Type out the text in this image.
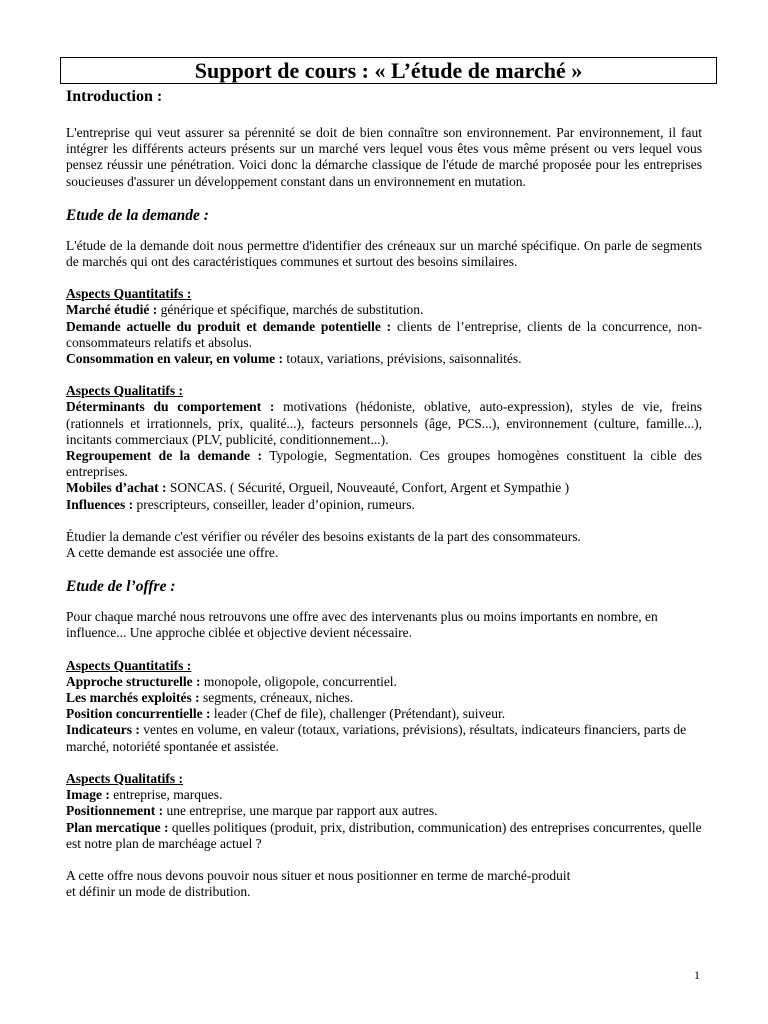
Support de cours : « L’étude de marché »
Introduction :

L'entreprise qui veut assurer sa pérennité se doit de bien connaître son environnement. Par environnement, il faut intégrer les différents acteurs présents sur un marché vers lequel vous êtes vous même présent ou vers lequel vous pensez réussir une pénétration. Voici donc la démarche classique de l'étude de marché proposée pour les entreprises soucieuses d'assurer un développement constant dans un environnement en mutation.

Etude de la demande :

L'étude de la demande doit nous permettre d'identifier des créneaux sur un marché spécifique. On parle de segments de marchés qui ont des caractéristiques communes et surtout des besoins similaires.

Aspects Quantitatifs :

Marché étudié : générique et spécifique, marchés de substitution.

Demande actuelle du produit et demande potentielle : clients de l’entreprise, clients de la concurrence, non-consommateurs relatifs et absolus.

Consommation en valeur, en volume : totaux, variations, prévisions, saisonnalités.

Aspects Qualitatifs :

Déterminants du comportement : motivations (hédoniste, oblative, auto-expression), styles de vie, freins (rationnels et irrationnels, prix, qualité...), facteurs personnels (âge, PCS...), environnement (culture, famille...), incitants commerciaux (PLV, publicité, conditionnement...).

Regroupement de la demande : Typologie, Segmentation. Ces groupes homogènes constituent la cible des entreprises.

Mobiles d’achat : SONCAS. ( Sécurité, Orgueil, Nouveauté, Confort, Argent et Sympathie )

Influences : prescripteurs, conseiller, leader d’opinion, rumeurs.

Étudier la demande c'est vérifier ou révéler des besoins existants de la part des consommateurs.

A cette demande est associée une offre.

Etude de l’offre :

Pour chaque marché nous retrouvons une offre avec des intervenants plus ou moins importants en nombre, en influence... Une approche ciblée et objective devient nécessaire.

Aspects Quantitatifs :

Approche structurelle : monopole, oligopole, concurrentiel.

Les marchés exploités : segments, créneaux, niches.

Position concurrentielle : leader (Chef de file), challenger (Prétendant), suiveur.

Indicateurs : ventes en volume, en valeur (totaux, variations, prévisions), résultats, indicateurs financiers, parts de marché, notoriété spontanée et assistée.

Aspects Qualitatifs :

Image : entreprise, marques.

Positionnement : une entreprise, une marque par rapport aux autres.

Plan mercatique : quelles politiques (produit, prix, distribution, communication) des entreprises concurrentes, quelle est notre plan de marchéage actuel ?

A cette offre nous devons pouvoir nous situer et nous positionner en terme de marché-produit

et définir un mode de distribution.

1
